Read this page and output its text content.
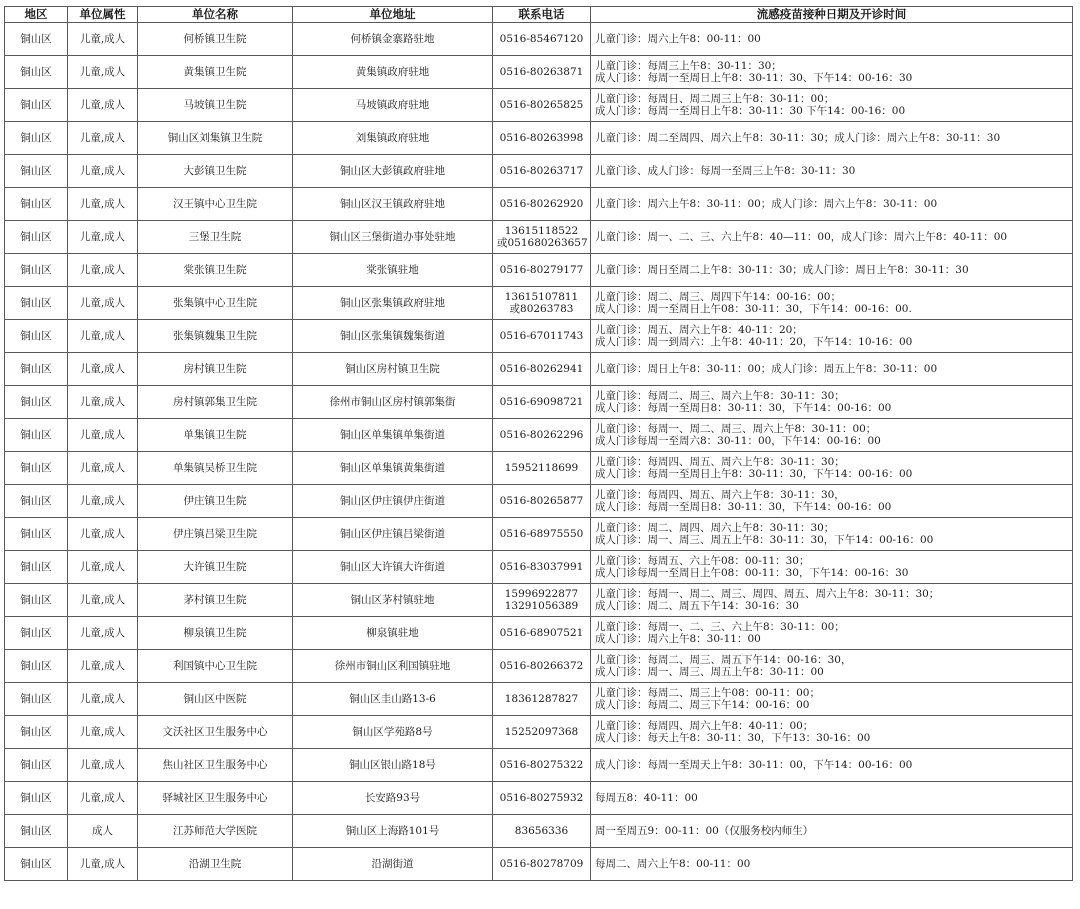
地区	单位属性	单位名称	单位地址	联系电话	流感疫苗接种日期及开诊时间
铜山区	儿童,成人	何桥镇卫生院	何桥镇金寨路驻地	0516-85467120	儿童门诊：周六上午8：00-11：00

铜山区	儿童,成人	黄集镇卫生院	黄集镇政府驻地	0516-80263871	儿童门诊：每周三上午8：30-11：30；
成人门诊：每周一至周日上午8：30-11：30、下午14：00-16：30

铜山区	儿童,成人	马坡镇卫生院	马坡镇政府驻地	0516-80265825	儿童门诊：每周日、周二周三上午8：30-11：00；
成人门诊：每周一至周日上午8：30-11：30 下午14：00-16：00

铜山区	儿童,成人	铜山区刘集镇卫生院	刘集镇政府驻地	0516-80263998	儿童门诊：周二至周四、周六上午8：30-11：30；成人门诊：周六上午8：30-11：30

铜山区	儿童,成人	大彭镇卫生院	铜山区大彭镇政府驻地	0516-80263717	儿童门诊、成人门诊：每周一至周三上午8：30-11：30

铜山区	儿童,成人	汉王镇中心卫生院	铜山区汉王镇政府驻地	0516-80262920	儿童门诊：周六上午8：30-11：00；成人门诊：周六上午8：30-11：00

铜山区	儿童,成人	三堡卫生院	铜山区三堡街道办事处驻地	13615118522
或051680263657	儿童门诊：周一、二、三、六上午8：40—11：00，成人门诊：周六上午8：40-11：00

铜山区	儿童,成人	棠张镇卫生院	棠张镇驻地	0516-80279177	儿童门诊：周日至周二上午8：30-11：30；成人门诊：周日上午8：30-11：30

铜山区	儿童,成人	张集镇中心卫生院	铜山区张集镇政府驻地	13615107811
或80263783	儿童门诊：周二、周三、周四下午14：00-16：00；
成人门诊：周一至周日上午08：30-11：30，下午14：00-16：00.

铜山区	儿童,成人	张集镇魏集卫生院	铜山区张集镇魏集街道	0516-67011743	儿童门诊：周五、周六上午8：40-11：20；
成人门诊：周一到周六：上午8：40-11：20，下午14：10-16：00

铜山区	儿童,成人	房村镇卫生院	铜山区房村镇卫生院	0516-80262941	儿童门诊：周日上午8：30-11：00；成人门诊：周五上午8：30-11：00

铜山区	儿童,成人	房村镇郭集卫生院	徐州市铜山区房村镇郭集街	0516-69098721	儿童门诊：每周二、周三、周六上午8：30-11：30；
成人门诊：每周一至周日8：30-11：30，下午14：00-16：00

铜山区	儿童,成人	单集镇卫生院	铜山区单集镇单集街道	0516-80262296	儿童门诊：每周一、周二、周三、周六上午8：30-11：00；
成人门诊每周一至周六8：30-11：00，下午14：00-16：00

铜山区	儿童,成人	单集镇吴桥卫生院	铜山区单集镇黄集街道	15952118699	儿童门诊：每周四、周五、周六上午8：30-11：30；
成人门诊：每周一至周日上午8：30-11：30，下午14：00-16：00

铜山区	儿童,成人	伊庄镇卫生院	铜山区伊庄镇伊庄街道	0516-80265877	儿童门诊：每周四、周五、周六上午8：30-11：30，
成人门诊：每周一至周日8：30-11：30，下午14：00-16：00

铜山区	儿童,成人	伊庄镇吕梁卫生院	铜山区伊庄镇吕梁街道	0516-68975550	儿童门诊：周二、周四、周六上午8：30-11：30；
成人门诊：周一、周三、周五上午8：30-11：30，下午14：00-16：00

铜山区	儿童,成人	大许镇卫生院	铜山区大许镇大许街道	0516-83037991	儿童门诊：每周五、六上午08：00-11：30；
成人门诊每周一至周日上午08：00-11：30，下午14：00-16：30

铜山区	儿童,成人	茅村镇卫生院	铜山区茅村镇驻地	15996922877
13291056389	儿童门诊：每周一、周二、周三、周四、周五、周六上午8：30-11：30；
成人门诊：周二、周五下午14：30-16：30

铜山区	儿童,成人	柳泉镇卫生院	柳泉镇驻地	0516-68907521	儿童门诊：每周一、二、三、六上午8：30-11：00；
成人门诊：周六上午8：30-11：00

铜山区	儿童,成人	利国镇中心卫生院	徐州市铜山区利国镇驻地	0516-80266372	儿童门诊：每周二、周三、周五下午14：00-16：30，
成人门诊：周一、周三、周五上午8：30-11：00

铜山区	儿童,成人	铜山区中医院	铜山区圭山路13-6	18361287827	儿童门诊：每周二、周三上午08：00-11：00；
成人门诊：每周二、周三下午14：00-16：00

铜山区	儿童,成人	文沃社区卫生服务中心	铜山区学苑路8号	15252097368	儿童门诊：每周四、周六上午8：40-11：00；
成人门诊：每天上午8：30-11：30，下午13：30-16：00

铜山区	儿童,成人	焦山社区卫生服务中心	铜山区银山路18号	0516-80275322	成人门诊：每周一至周天上午8：30-11：00，下午14：00-16：00

铜山区	儿童,成人	驿城社区卫生服务中心	长安路93号	0516-80275932	每周五8：40-11：00

铜山区	成人	江苏师范大学医院	铜山区上海路101号	83656336	周一至周五9：00-11：00（仅服务校内师生）

铜山区	儿童,成人	沿湖卫生院	沿湖街道	0516-80278709	每周二、周六上午8：00-11：00
